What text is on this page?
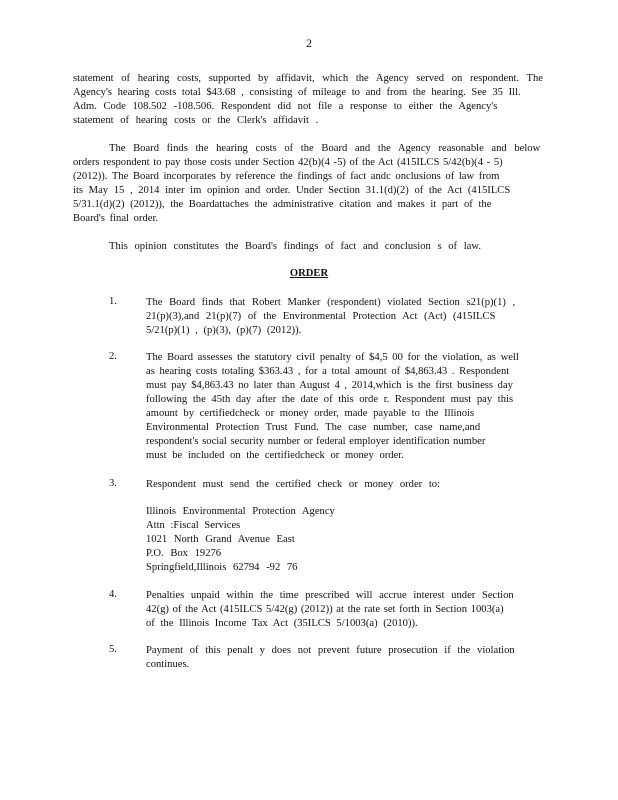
2
statement of hearing costs, supported by affidavit, which the Agency served on respondent. The
Agency's hearing costs total $43.68 , consisting of mileage to and from the hearing. See 35 Ill.
Adm. Code 108.502 -108.506. Respondent did not file a response to either the Agency's
statement of hearing costs or the Clerk's affidavit .
The Board finds the hearing costs of the Board and the Agency reasonable and below
orders respondent to pay those costs under Section 42(b)(4 -5) of the Act (415ILCS 5/42(b)(4 - 5)
(2012)). The Board incorporates by reference the findings of fact andc onclusions of law from
its May 15 , 2014 inter im opinion and order. Under Section 31.1(d)(2) of the Act (415ILCS
5/31.1(d)(2) (2012)), the Boardattaches the administrative citation and makes it part of the
Board's final order.
This opinion constitutes the Board's findings of fact and conclusion s of law.
ORDER
1.	The Board finds that Robert Manker (respondent) violated Section s21(p)(1) ,
21(p)(3),and 21(p)(7) of the Environmental Protection Act (Act) (415ILCS
5/21(p)(1) , (p)(3), (p)(7) (2012)).
2.	The Board assesses the statutory civil penalty of $4,5 00 for the violation, as well
as hearing costs totaling $363.43 , for a total amount of $4,863.43 . Respondent
must pay $4,863.43 no later than August 4 , 2014,which is the first business day
following the 45th day after the date of this orde r. Respondent must pay this
amount by certifiedcheck or money order, made payable to the Illinois
Environmental Protection Trust Fund. The case number, case name,and
respondent's social security number or federal employer identification number
must be included on the certifiedcheck or money order.
3.	Respondent must send the certified check or money order to:
Illinois Environmental Protection Agency
Attn :Fiscal Services
1021 North Grand Avenue East
P.O. Box 19276
Springfield,Illinois 62794 -92 76
4.	Penalties unpaid within the time prescribed will accrue interest under Section
42(g) of the Act (415ILCS 5/42(g) (2012)) at the rate set forth in Section 1003(a)
of the Illinois Income Tax Act (35ILCS 5/1003(a) (2010)).
5.	Payment of this penalt y does not prevent future prosecution if the violation
continues.
